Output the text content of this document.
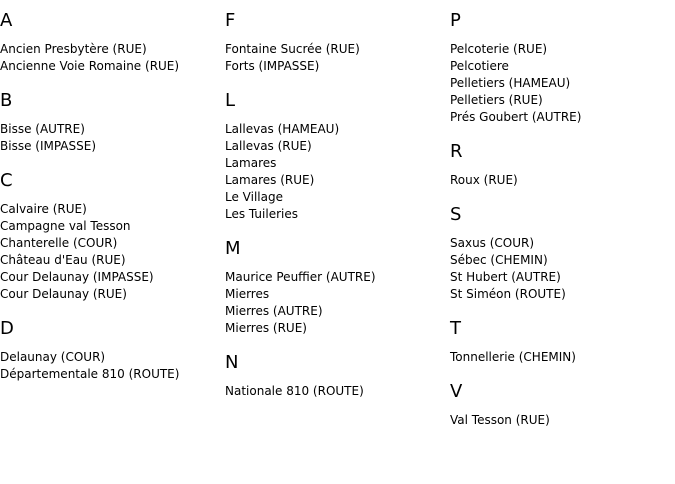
A
Ancien Presbytère (RUE)
Ancienne Voie Romaine (RUE)
B
Bisse (AUTRE)
Bisse (IMPASSE)
C
Calvaire (RUE)
Campagne val Tesson
Chanterelle (COUR)
Château d'Eau (RUE)
Cour Delaunay (IMPASSE)
Cour Delaunay (RUE)
D
Delaunay (COUR)
Départementale 810 (ROUTE)
F
Fontaine Sucrée (RUE)
Forts (IMPASSE)
L
Lallevas (HAMEAU)
Lallevas (RUE)
Lamares
Lamares (RUE)
Le Village
Les Tuileries
M
Maurice Peuffier (AUTRE)
Mierres
Mierres (AUTRE)
Mierres (RUE)
N
Nationale 810 (ROUTE)
P
Pelcoterie (RUE)
Pelcotiere
Pelletiers (HAMEAU)
Pelletiers (RUE)
Prés Goubert (AUTRE)
R
Roux (RUE)
S
Saxus (COUR)
Sébec (CHEMIN)
St Hubert (AUTRE)
St Siméon (ROUTE)
T
Tonnellerie (CHEMIN)
V
Val Tesson (RUE)
